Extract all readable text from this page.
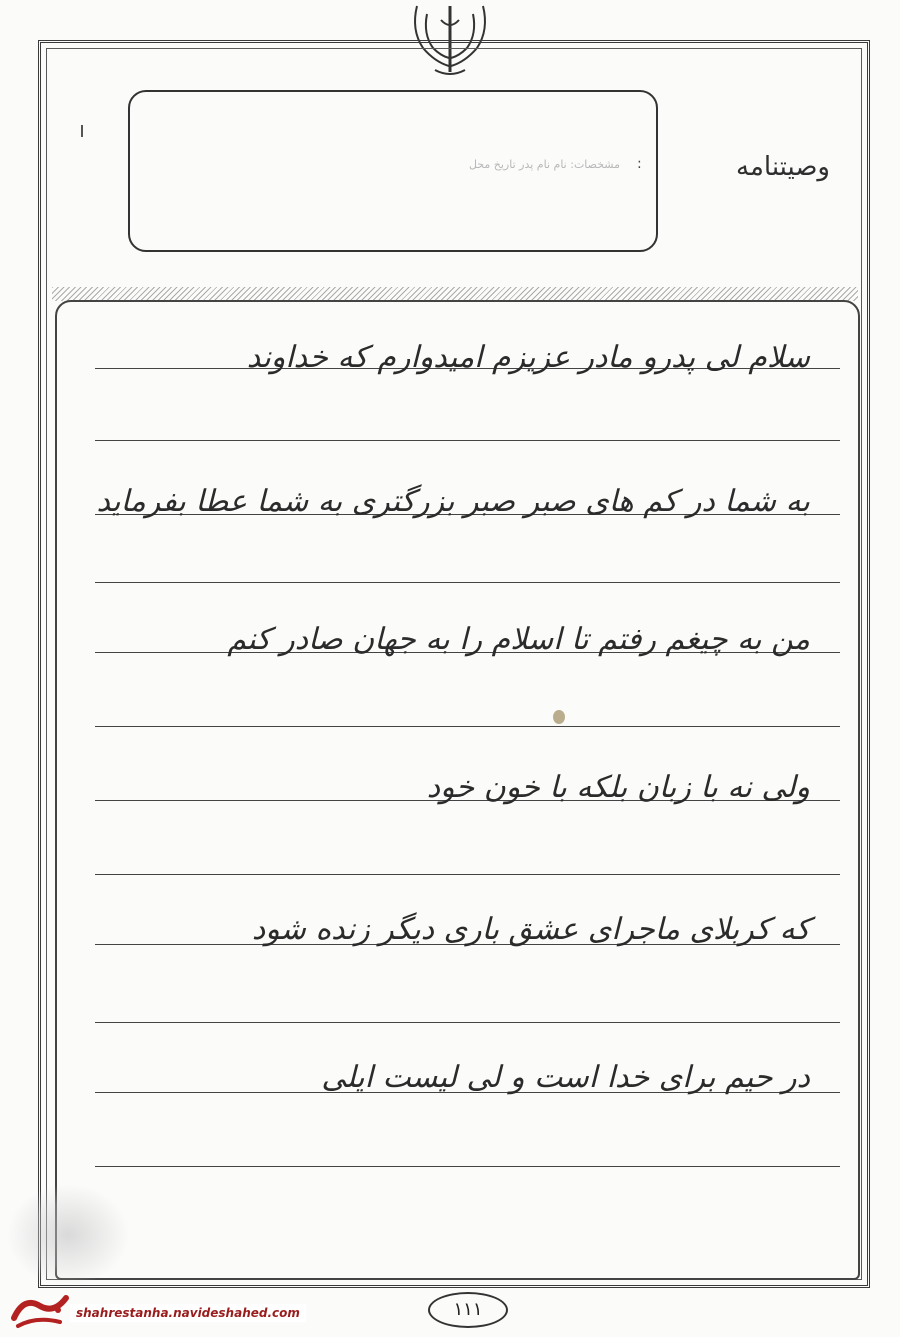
مشخصات: نام نام پدر تاریخ محل :	وصیتنامه
سلام لی پدرو مادر عزیزم امیدوارم که خداوند
به شما در کم های صبر صبر بزرگتری به شما عطا بفرماید
من به چیغم رفتم تا اسلام را به جهان صادر کنم
ولی نه با زبان بلکه با خون خود
که کربلای ماجرای عشق باری دیگر زنده شود
در حیم برای خدا است و لی لیست ایلی
۱۱۱
shahrestanha.navideshahed.com
